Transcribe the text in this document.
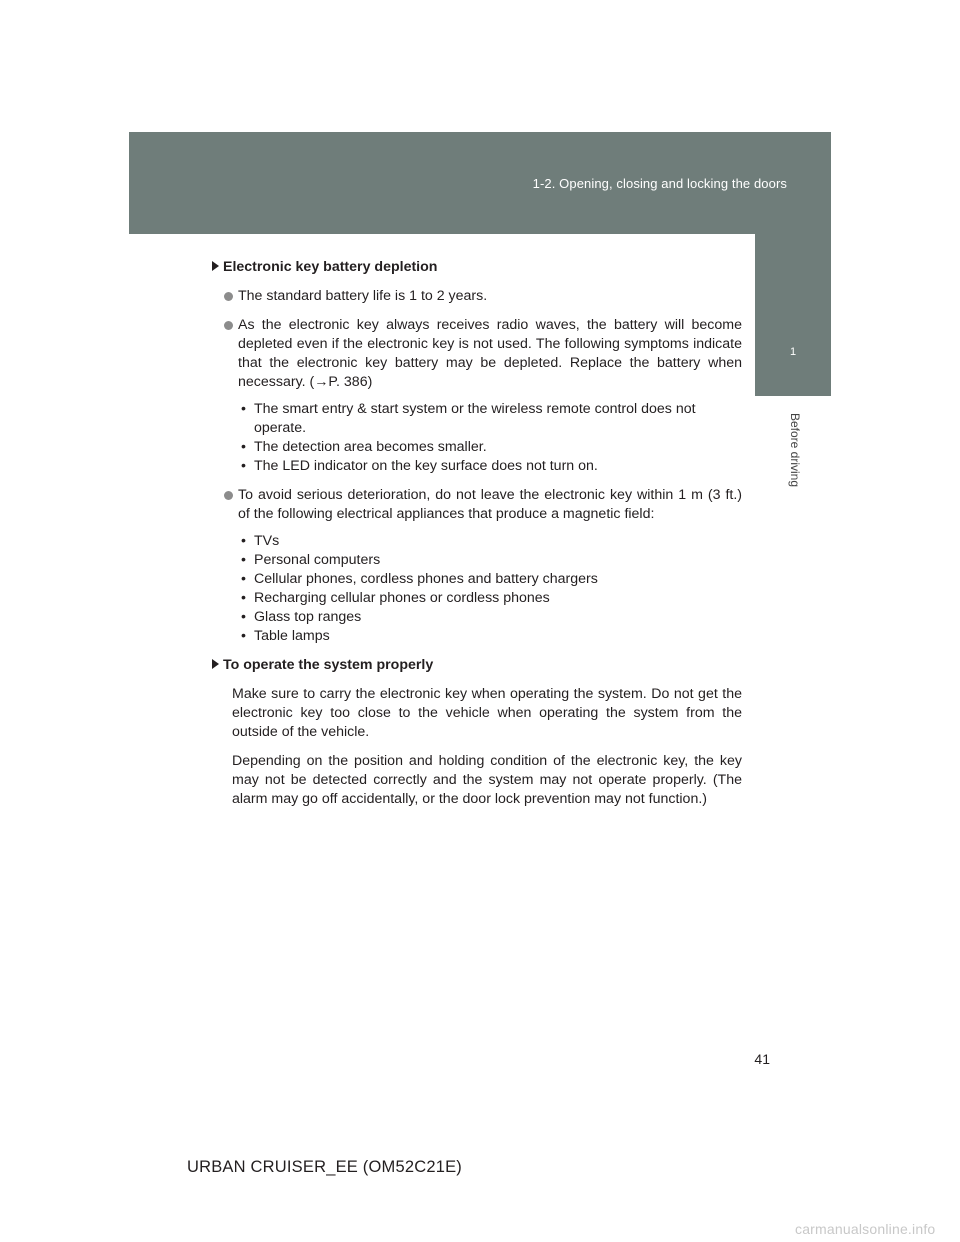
1-2. Opening, closing and locking the doors
1
Before driving
Electronic key battery depletion
The standard battery life is 1 to 2 years.
As the electronic key always receives radio waves, the battery will become depleted even if the electronic key is not used. The following symptoms indicate that the electronic key battery may be depleted. Replace the battery when necessary. (→P. 386)
• The smart entry & start system or the wireless remote control does not operate.
• The detection area becomes smaller.
• The LED indicator on the key surface does not turn on.
To avoid serious deterioration, do not leave the electronic key within 1 m (3 ft.) of the following electrical appliances that produce a magnetic field:
• TVs
• Personal computers
• Cellular phones, cordless phones and battery chargers
• Recharging cellular phones or cordless phones
• Glass top ranges
• Table lamps
To operate the system properly

Make sure to carry the electronic key when operating the system. Do not get the electronic key too close to the vehicle when operating the system from the outside of the vehicle.

Depending on the position and holding condition of the electronic key, the key may not be detected correctly and the system may not operate properly. (The alarm may go off accidentally, or the door lock prevention may not function.)

41
URBAN CRUISER_EE (OM52C21E)
carmanualsonline.info
